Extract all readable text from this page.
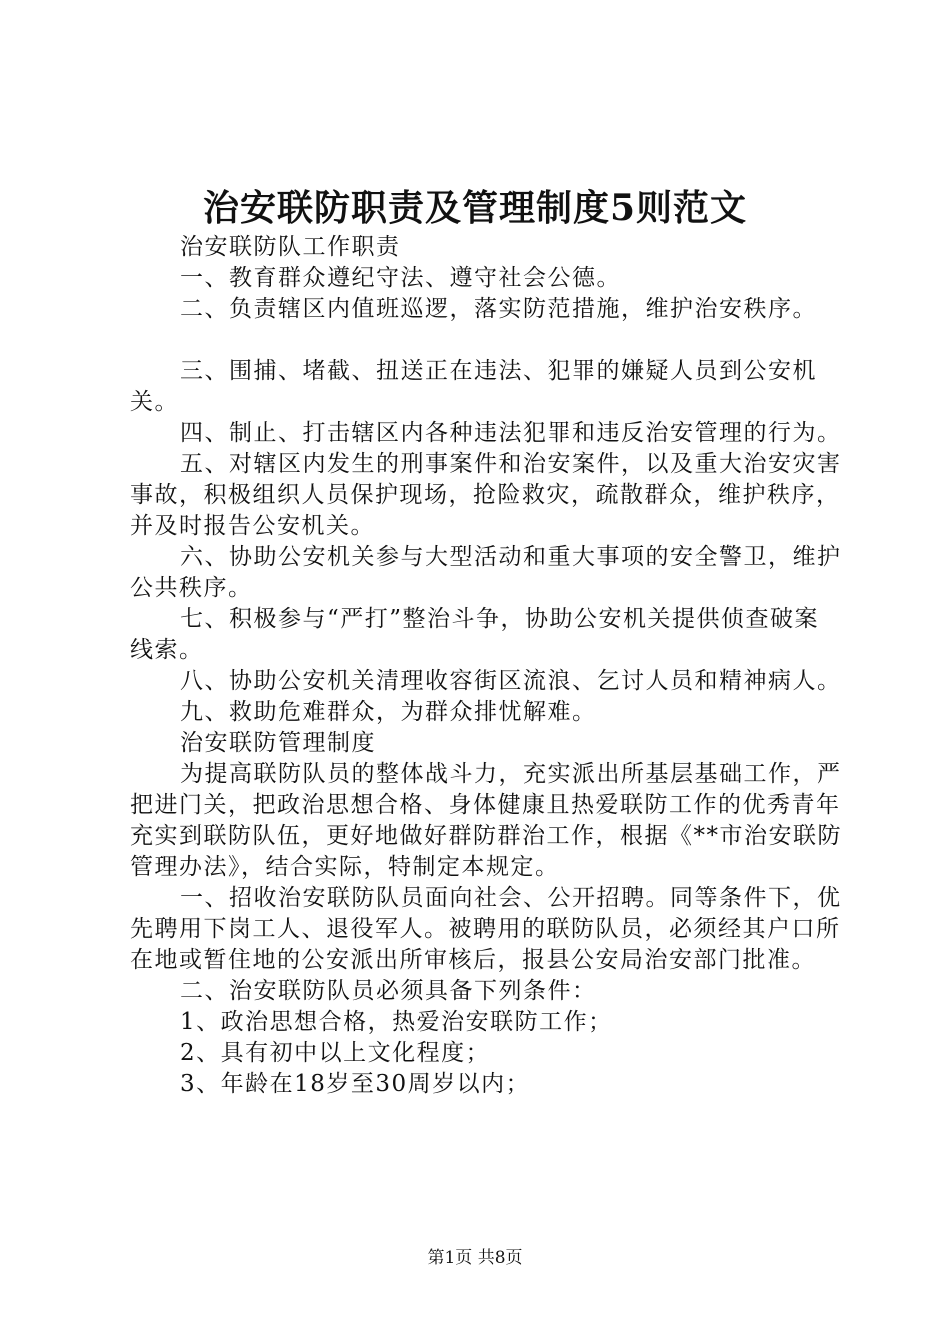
治安联防职责及管理制度5则范文

治安联防队工作职责

一、教育群众遵纪守法、遵守社会公德。

二、负责辖区内值班巡逻，落实防范措施，维护治安秩序。

三、围捕、堵截、扭送正在违法、犯罪的嫌疑人员到公安机关。

四、制止、打击辖区内各种违法犯罪和违反治安管理的行为。

五、对辖区内发生的刑事案件和治安案件，以及重大治安灾害事故，积极组织人员保护现场，抢险救灾，疏散群众，维护秩序，并及时报告公安机关。

六、协助公安机关参与大型活动和重大事项的安全警卫，维护公共秩序。

七、积极参与“严打”整治斗争，协助公安机关提供侦查破案线索。

八、协助公安机关清理收容街区流浪、乞讨人员和精神病人。

九、救助危难群众，为群众排忧解难。

治安联防管理制度

为提高联防队员的整体战斗力，充实派出所基层基础工作，严把进门关，把政治思想合格、身体健康且热爱联防工作的优秀青年充实到联防队伍，更好地做好群防群治工作，根据《**市治安联防管理办法》，结合实际，特制定本规定。

一、招收治安联防队员面向社会、公开招聘。同等条件下，优先聘用下岗工人、退役军人。被聘用的联防队员，必须经其户口所在地或暂住地的公安派出所审核后，报县公安局治安部门批准。

二、治安联防队员必须具备下列条件：

1、政治思想合格，热爱治安联防工作；

2、具有初中以上文化程度；

3、年龄在18岁至30周岁以内；

第1页 共8页
